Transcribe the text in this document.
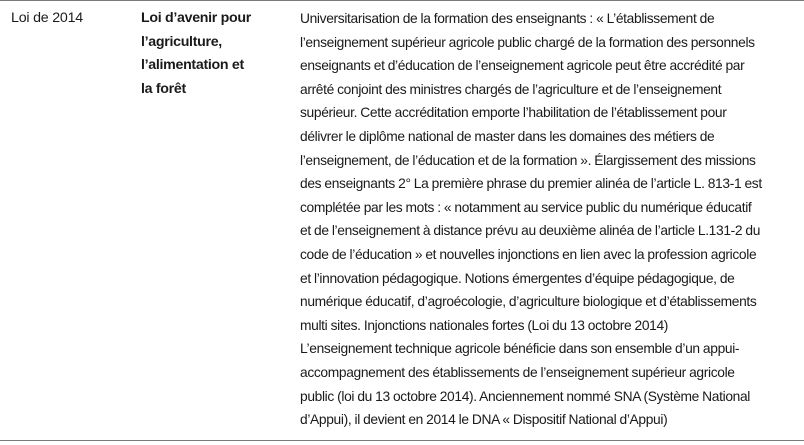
Loi de 2014	Loi d’avenir pour
l’agriculture,
l’alimentation et
la forêt
Universitarisation de la formation des enseignants : « L’établissement de
l’enseignement supérieur agricole public chargé de la formation des personnels
enseignants et d’éducation de l’enseignement agricole peut être accrédité par
arrêté conjoint des ministres chargés de l’agriculture et de l’enseignement
supérieur. Cette accréditation emporte l’habilitation de l’établissement pour
délivrer le diplôme national de master dans les domaines des métiers de
l’enseignement, de l’éducation et de la formation ». Élargissement des missions
des enseignants 2° La première phrase du premier alinéa de l’article L. 813-1 est
complétée par les mots : « notamment au service public du numérique éducatif
et de l’enseignement à distance prévu au deuxième alinéa de l’article L.131-2 du
code de l’éducation » et nouvelles injonctions en lien avec la profession agricole
et l’innovation pédagogique. Notions émergentes d’équipe pédagogique, de
numérique éducatif, d’agroécologie, d’agriculture biologique et d’établissements
multi sites. Injonctions nationales fortes (Loi du 13 octobre 2014)
L’enseignement technique agricole bénéficie dans son ensemble d’un appui-
accompagnement des établissements de l’enseignement supérieur agricole
public (loi du 13 octobre 2014). Anciennement nommé SNA (Système National
d’Appui), il devient en 2014 le DNA « Dispositif National d’Appui)
